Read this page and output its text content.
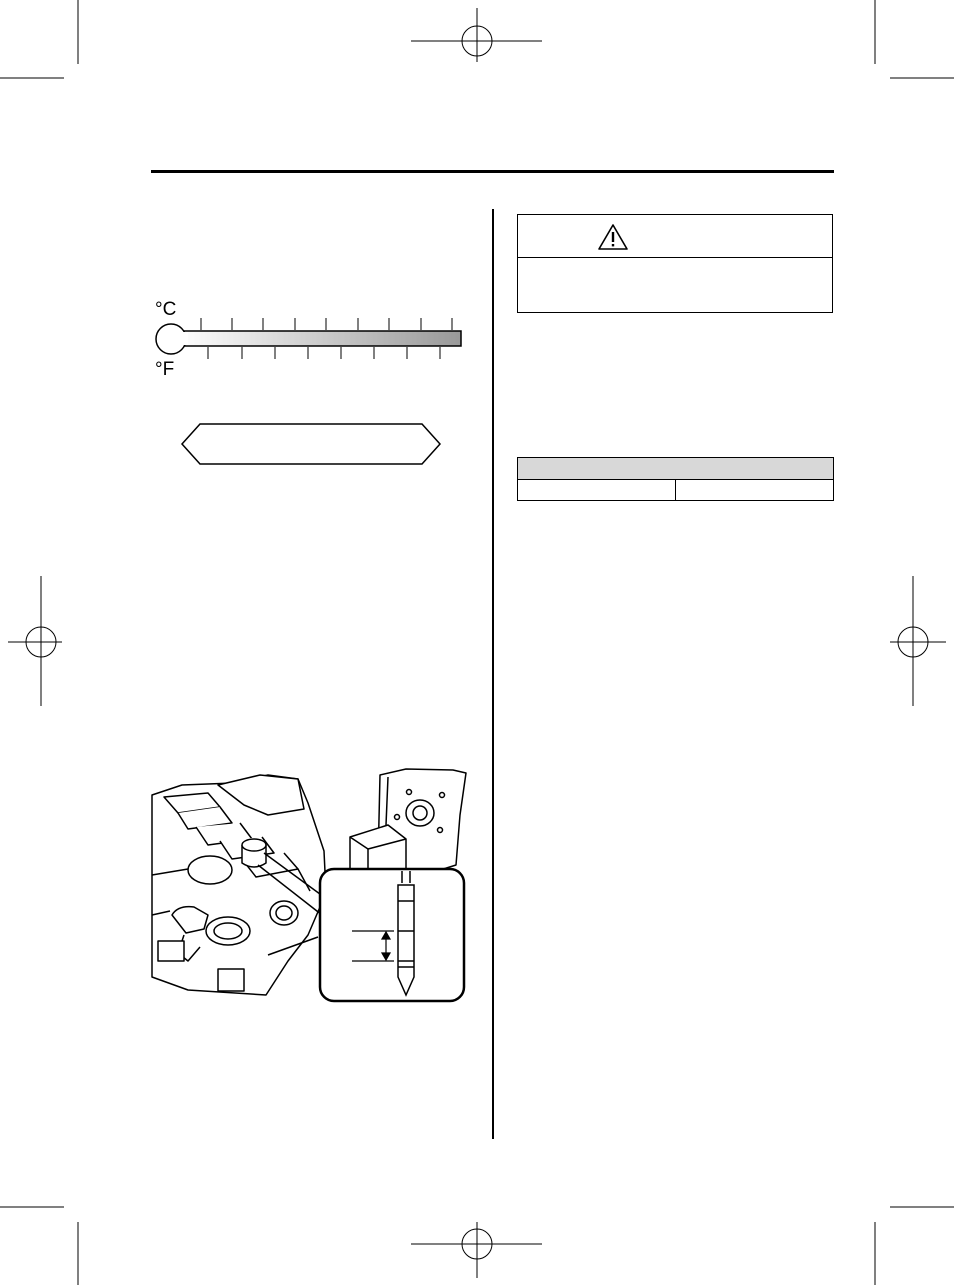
°C
°F
